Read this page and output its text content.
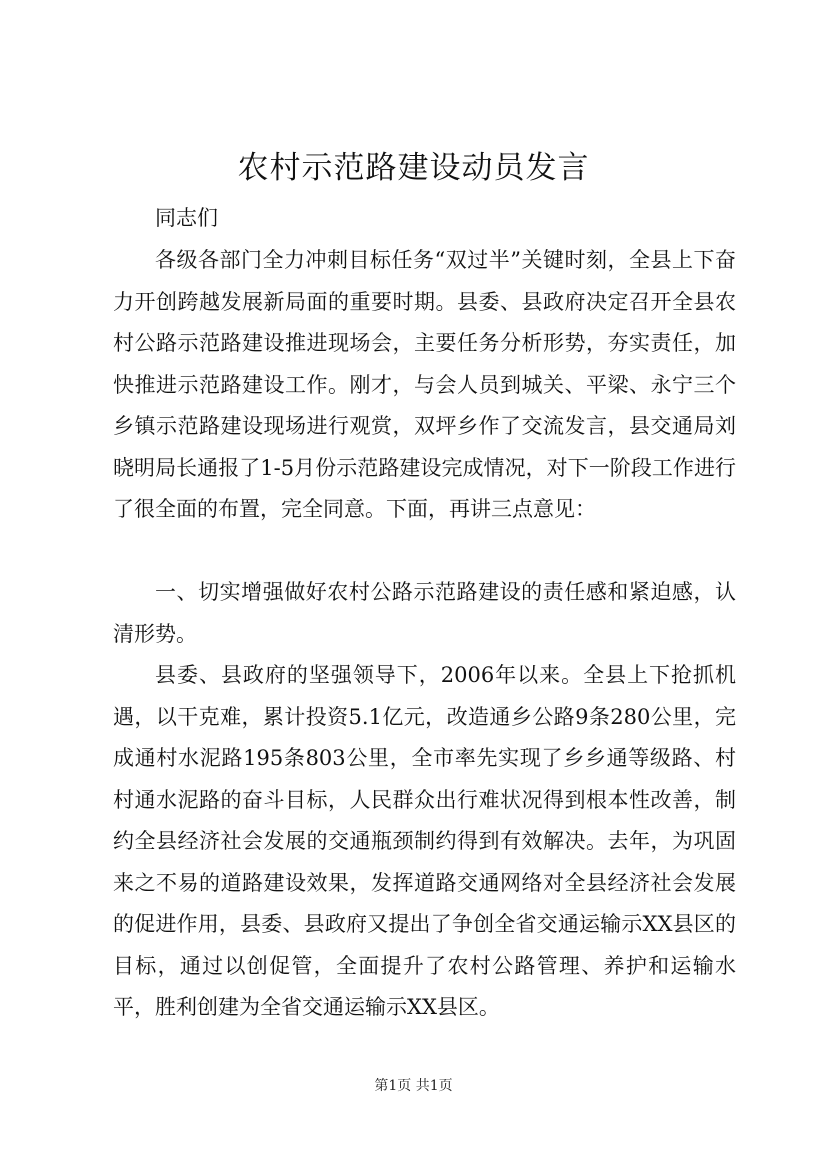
农村示范路建设动员发言

同志们

各级各部门全力冲刺目标任务“双过半”关键时刻，全县上下奋力开创跨越发展新局面的重要时期。县委、县政府决定召开全县农村公路示范路建设推进现场会，主要任务分析形势，夯实责任，加快推进示范路建设工作。刚才，与会人员到城关、平梁、永宁三个乡镇示范路建设现场进行观赏，双坪乡作了交流发言，县交通局刘晓明局长通报了1-5月份示范路建设完成情况，对下一阶段工作进行了很全面的布置，完全同意。下面，再讲三点意见：

一、切实增强做好农村公路示范路建设的责任感和紧迫感，认清形势。

县委、县政府的坚强领导下，2006年以来。全县上下抢抓机遇，以干克难，累计投资5.1亿元，改造通乡公路9条280公里，完成通村水泥路195条803公里，全市率先实现了乡乡通等级路、村村通水泥路的奋斗目标，人民群众出行难状况得到根本性改善，制约全县经济社会发展的交通瓶颈制约得到有效解决。去年，为巩固来之不易的道路建设效果，发挥道路交通网络对全县经济社会发展的促进作用，县委、县政府又提出了争创全省交通运输示XX县区的目标，通过以创促管，全面提升了农村公路管理、养护和运输水平，胜利创建为全省交通运输示XX县区。

第1页 共1页
